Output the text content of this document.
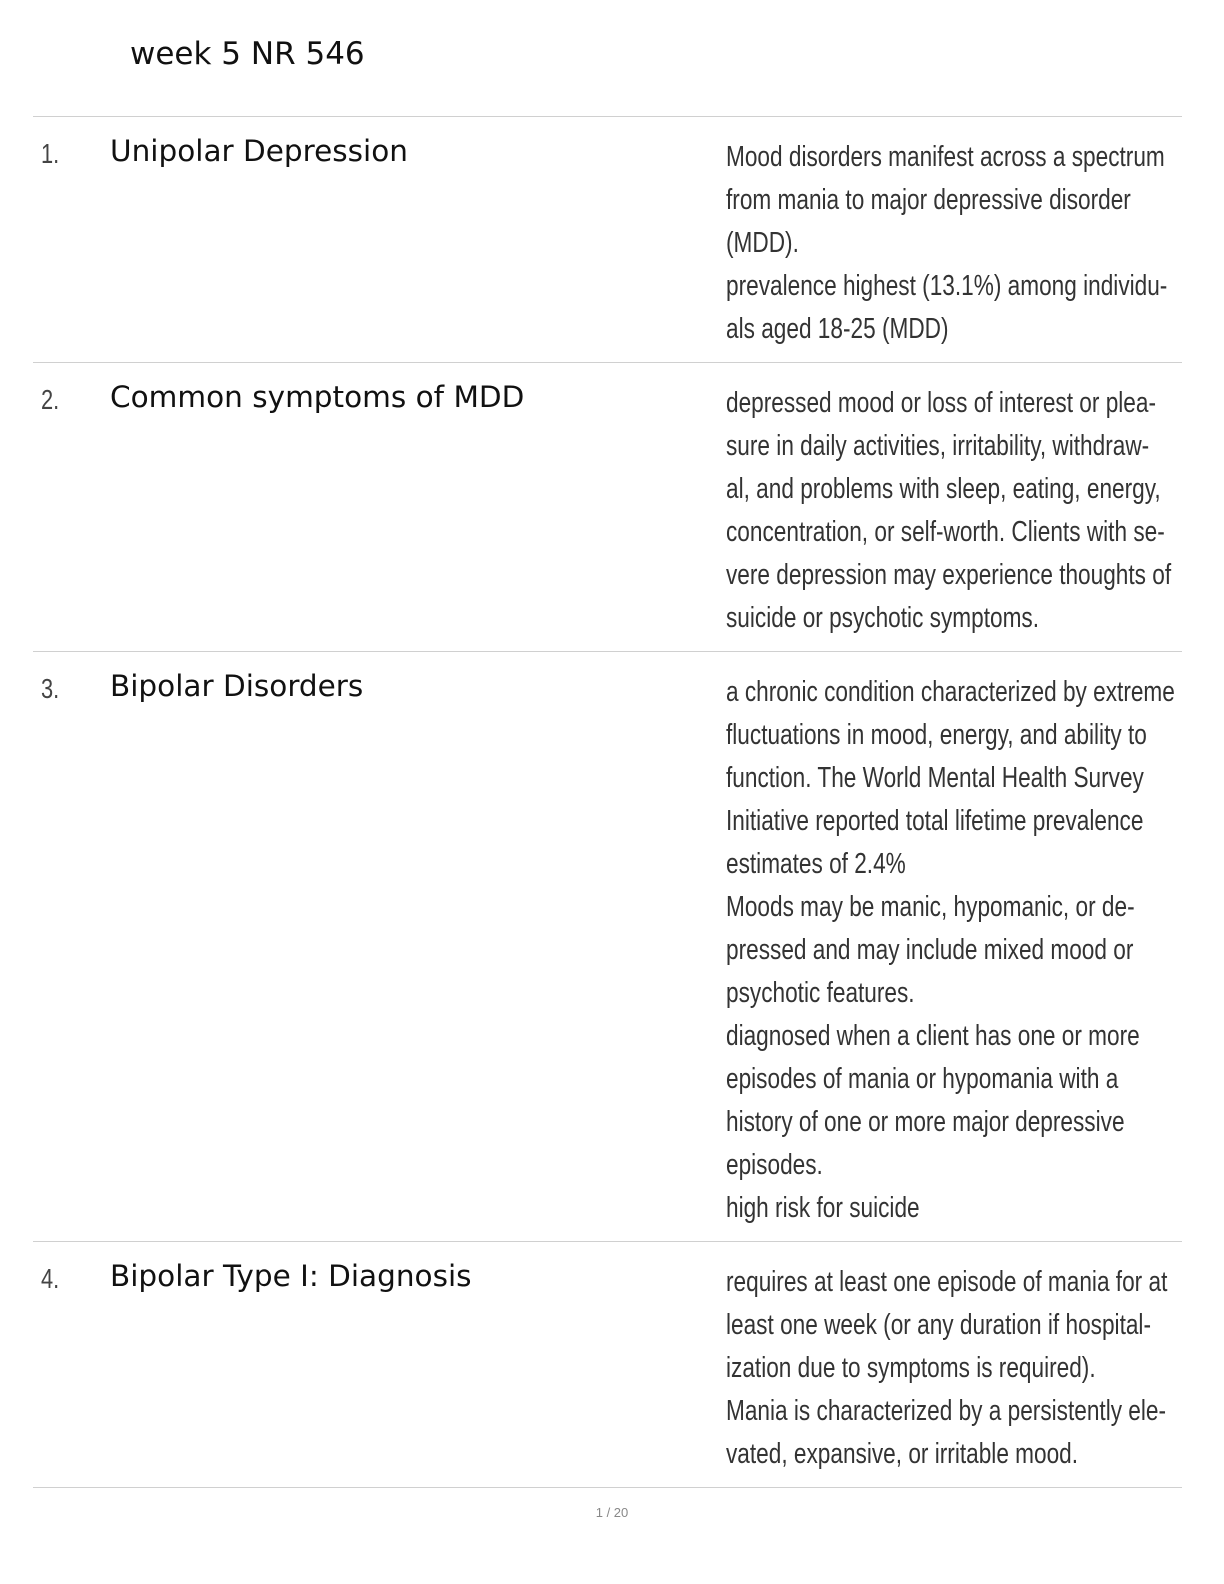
week 5 NR 546
1. Unipolar Depression	Mood disorders manifest across a spectrum
from mania to major depressive disorder
(MDD).
prevalence highest (13.1%) among individu-
als aged 18-25 (MDD)
2. Common symptoms of MDD	depressed mood or loss of interest or plea-
sure in daily activities, irritability, withdraw-
al, and problems with sleep, eating, energy,
concentration, or self-worth. Clients with se-
vere depression may experience thoughts of
suicide or psychotic symptoms.
3. Bipolar Disorders	a chronic condition characterized by extreme
fluctuations in mood, energy, and ability to
function. The World Mental Health Survey
Initiative reported total lifetime prevalence
estimates of 2.4%
Moods may be manic, hypomanic, or de-
pressed and may include mixed mood or
psychotic features.
diagnosed when a client has one or more
episodes of mania or hypomania with a
history of one or more major depressive
episodes.
high risk for suicide
4. Bipolar Type I: Diagnosis	requires at least one episode of mania for at
least one week (or any duration if hospital-
ization due to symptoms is required).
Mania is characterized by a persistently ele-
vated, expansive, or irritable mood.
1 / 20
